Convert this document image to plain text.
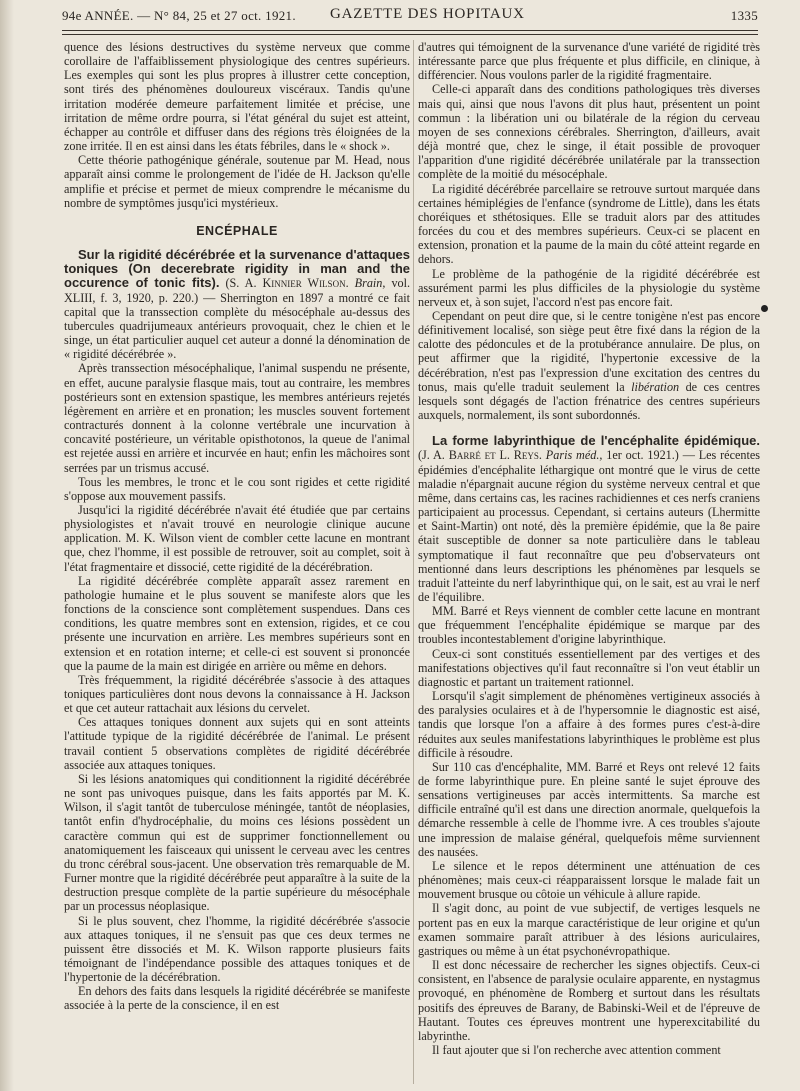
94e ANNÉE. — N° 84, 25 et 27 oct. 1921. GAZETTE DES HOPITAUX	1335

quence des lésions destructives du système nerveux que comme corollaire de l'affaiblissement physiologique des centres supérieurs. Les exemples qui sont les plus propres à illustrer cette conception, sont tirés des phénomènes douloureux viscéraux. Tandis qu'une irritation modérée demeure parfaitement limitée et précise, une irritation de même ordre pourra, si l'état général du sujet est atteint, échapper au contrôle et diffuser dans des régions très éloignées de la zone irritée. Il en est ainsi dans les états fébriles, dans le « shock ».

Cette théorie pathogénique générale, soutenue par M. Head, nous apparaît ainsi comme le prolongement de l'idée de H. Jackson qu'elle amplifie et précise et permet de mieux comprendre le mécanisme du nombre de symptômes jusqu'ici mystérieux.

ENCÉPHALE

Sur la rigidité décérébrée et la survenance d'attaques toniques (On decerebrate rigidity in man and the occurence of tonic fits). (S. A. Kinnier Wilson. Brain, vol. XLIII, f. 3, 1920, p. 220.) — Sherrington en 1897 a montré ce fait capital que la transsection complète du mésocéphale au-dessus des tubercules quadrijumeaux antérieurs provoquait, chez le chien et le singe, un état particulier auquel cet auteur a donné la dénomination de « rigidité décérébrée ».

Après transsection mésocéphalique, l'animal suspendu ne présente, en effet, aucune paralysie flasque mais, tout au contraire, les membres postérieurs sont en extension spastique, les membres antérieurs rejetés légèrement en arrière et en pronation; les muscles souvent fortement contracturés donnent à la colonne vertébrale une incurvation à concavité postérieure, un véritable opisthotonos, la queue de l'animal est rejetée aussi en arrière et incurvée en haut; enfin les mâchoires sont serrées par un trismus accusé.

Tous les membres, le tronc et le cou sont rigides et cette rigidité s'oppose aux mouvement passifs.

Jusqu'ici la rigidité décérébrée n'avait été étudiée que par certains physiologistes et n'avait trouvé en neurologie clinique aucune application. M. K. Wilson vient de combler cette lacune en montrant que, chez l'homme, il est possible de retrouver, soit au complet, soit à l'état fragmentaire et dissocié, cette rigidité de la décérébration.

La rigidité décérébrée complète apparaît assez rarement en pathologie humaine et le plus souvent se manifeste alors que les fonctions de la conscience sont complètement suspendues. Dans ces conditions, les quatre membres sont en extension, rigides, et ce cou présente une incurvation en arrière. Les membres supérieurs sont en extension et en rotation interne; et celle-ci est souvent si prononcée que la paume de la main est dirigée en arrière ou même en dehors.

Très fréquemment, la rigidité décérébrée s'associe à des attaques toniques particulières dont nous devons la connaissance à H. Jackson et que cet auteur rattachait aux lésions du cervelet.

Ces attaques toniques donnent aux sujets qui en sont atteints l'attitude typique de la rigidité décérébrée de l'animal. Le présent travail contient 5 observations complètes de rigidité décérébrée associée aux attaques toniques.

Si les lésions anatomiques qui conditionnent la rigidité décérébrée ne sont pas univoques puisque, dans les faits apportés par M. K. Wilson, il s'agit tantôt de tuberculose méningée, tantôt de néoplasies, tantôt enfin d'hydrocéphalie, du moins ces lésions possèdent un caractère commun qui est de supprimer fonctionnellement ou anatomiquement les faisceaux qui unissent le cerveau avec les centres du tronc cérébral sous-jacent. Une observation très remarquable de M. Furner montre que la rigidité décérébrée peut apparaître à la suite de la destruction presque complète de la partie supérieure du mésocéphale par un processus néoplasique.

Si le plus souvent, chez l'homme, la rigidité décérébrée s'associe aux attaques toniques, il ne s'ensuit pas que ces deux termes ne puissent être dissociés et M. K. Wilson rapporte plusieurs faits témoignant de l'indépendance possible des attaques toniques et de l'hypertonie de la décérébration.

En dehors des faits dans lesquels la rigidité décérébrée se manifeste associée à la perte de la conscience, il en est

d'autres qui témoignent de la survenance d'une variété de rigidité très intéressante parce que plus fréquente et plus difficile, en clinique, à différencier. Nous voulons parler de la rigidité fragmentaire.

Celle-ci apparaît dans des conditions pathologiques très diverses mais qui, ainsi que nous l'avons dit plus haut, présentent un point commun : la libération uni ou bilatérale de la région du cerveau moyen de ses connexions cérébrales. Sherrington, d'ailleurs, avait déjà montré que, chez le singe, il était possible de provoquer l'apparition d'une rigidité décérébrée unilatérale par la transsection complète de la moitié du mésocéphale.

La rigidité décérébrée parcellaire se retrouve surtout marquée dans certaines hémiplégies de l'enfance (syndrome de Little), dans les états choréiques et sthétosiques. Elle se traduit alors par des attitudes forcées du cou et des membres supérieurs. Ceux-ci se placent en extension, pronation et la paume de la main du côté atteint regarde en dehors.

Le problème de la pathogénie de la rigidité décérébrée est assurément parmi les plus difficiles de la physiologie du système nerveux et, à son sujet, l'accord n'est pas encore fait.

Cependant on peut dire que, si le centre tonigène n'est pas encore définitivement localisé, son siège peut être fixé dans la région de la calotte des pédoncules et de la protubérance annulaire. De plus, on peut affirmer que la rigidité, l'hypertonie excessive de la décérébration, n'est pas l'expression d'une excitation des centres du tonus, mais qu'elle traduit seulement la libération de ces centres lesquels sont dégagés de l'action frénatrice des centres supérieurs auxquels, normalement, ils sont subordonnés.

La forme labyrinthique de l'encéphalite épidémique. (J. A. Barré et L. Reys. Paris méd., 1er oct. 1921.) — Les récentes épidémies d'encéphalite léthargique ont montré que le virus de cette maladie n'épargnait aucune région du système nerveux central et que même, dans certains cas, les racines rachidiennes et ces nerfs craniens participaient au processus. Cependant, si certains auteurs (Lhermitte et Saint-Martin) ont noté, dès la première épidémie, que la 8e paire était susceptible de donner sa note particulière dans le tableau symptomatique il faut reconnaître que peu d'observateurs ont mentionné dans leurs descriptions les phénomènes par lesquels se traduit l'atteinte du nerf labyrinthique qui, on le sait, est au vrai le nerf de l'équilibre.

MM. Barré et Reys viennent de combler cette lacune en montrant que fréquemment l'encéphalite épidémique se marque par des troubles incontestablement d'origine labyrinthique.

Ceux-ci sont constitués essentiellement par des vertiges et des manifestations objectives qu'il faut reconnaître si l'on veut établir un diagnostic et partant un traitement rationnel.

Lorsqu'il s'agit simplement de phénomènes vertigineux associés à des paralysies oculaires et à de l'hypersomnie le diagnostic est aisé, tandis que lorsque l'on a affaire à des formes pures c'est-à-dire réduites aux seules manifestations labyrinthiques le problème est plus difficile à résoudre.

Sur 110 cas d'encéphalite, MM. Barré et Reys ont relevé 12 faits de forme labyrinthique pure. En pleine santé le sujet éprouve des sensations vertigineuses par accès intermittents. Sa marche est difficile entraîné qu'il est dans une direction anormale, quelquefois la démarche ressemble à celle de l'homme ivre. A ces troubles s'ajoute une impression de malaise général, quelquefois même surviennent des nausées.

Le silence et le repos déterminent une atténuation de ces phénomènes; mais ceux-ci réapparaissent lorsque le malade fait un mouvement brusque ou côtoie un véhicule à allure rapide.

Il s'agit donc, au point de vue subjectif, de vertiges lesquels ne portent pas en eux la marque caractéristique de leur origine et qu'un examen sommaire paraît attribuer à des lésions auriculaires, gastriques ou même à un état psychonévropathique.

Il est donc nécessaire de rechercher les signes objectifs. Ceux-ci consistent, en l'absence de paralysie oculaire apparente, en nystagmus provoqué, en phénomène de Romberg et surtout dans les résultats positifs des épreuves de Barany, de Babinski-Weil et de l'épreuve de Hautant. Toutes ces épreuves montrent une hyperexcitabilité du labyrinthe.

Il faut ajouter que si l'on recherche avec attention comment
